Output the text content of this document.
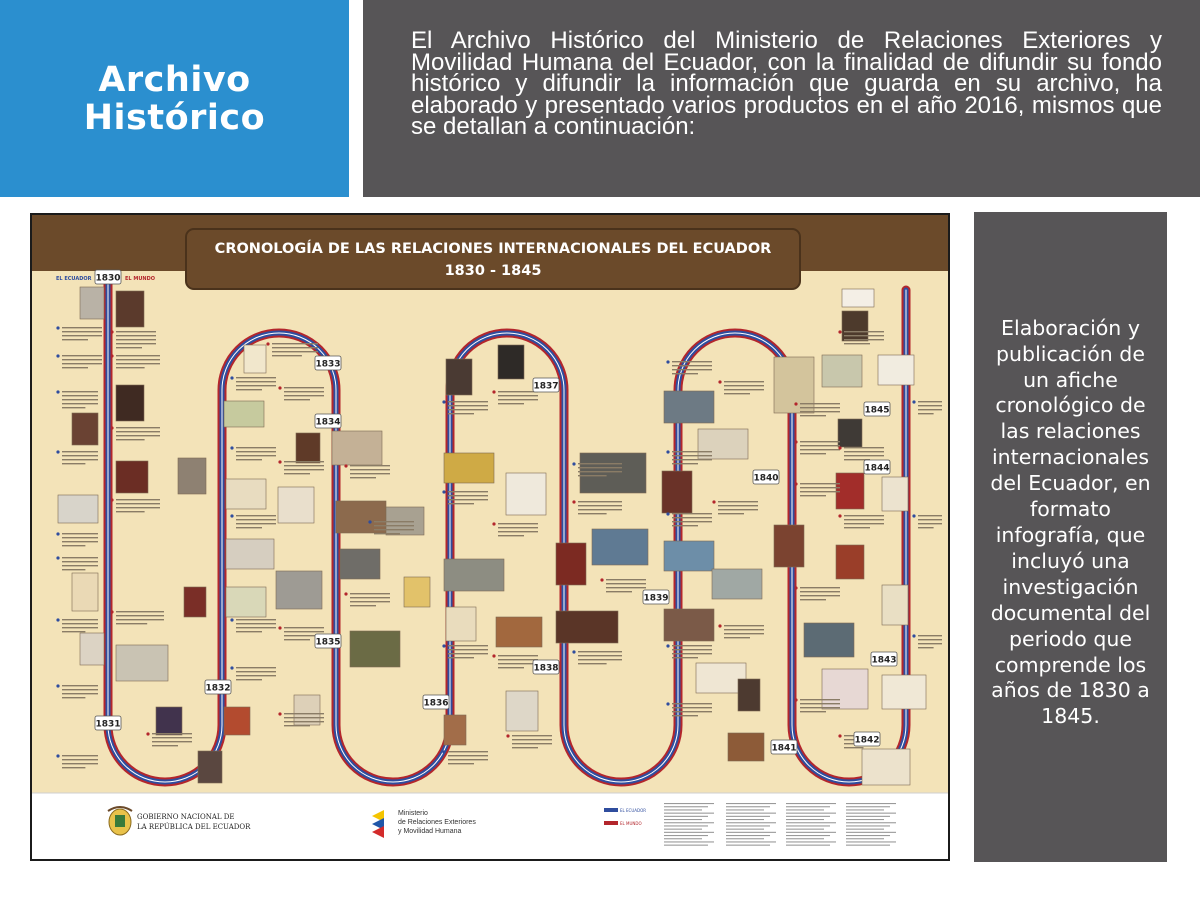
Archivo
Histórico

El Archivo Histórico del Ministerio de Relaciones Exteriores y Movilidad Humana del Ecuador, con la finalidad de difundir su fondo histórico y difundir la información que guarda en su archivo, ha elaborado y presentado varios productos en el año 2016, mismos que se detallan a continuación:

CRONOLOGÍA DE LAS RELACIONES INTERNACIONALES DEL ECUADOR
1830 - 1845
EL ECUADOR	EL MUNDO
1830
1831
1832
1833
1834
1835
1836
1837
1838
1839
1840
1841
1842
1843
1844
1845
GOBIERNO NACIONAL DE
LA REPÚBLICA DEL ECUADOR
Ministerio
de Relaciones Exteriores
y Movilidad Humana
EL ECUADOR
EL MUNDO

Elaboración y publicación de un afiche cronológico de las relaciones internacionales del Ecuador, en formato infografía, que incluyó una investigación documental del periodo que comprende los años de 1830 a 1845.
